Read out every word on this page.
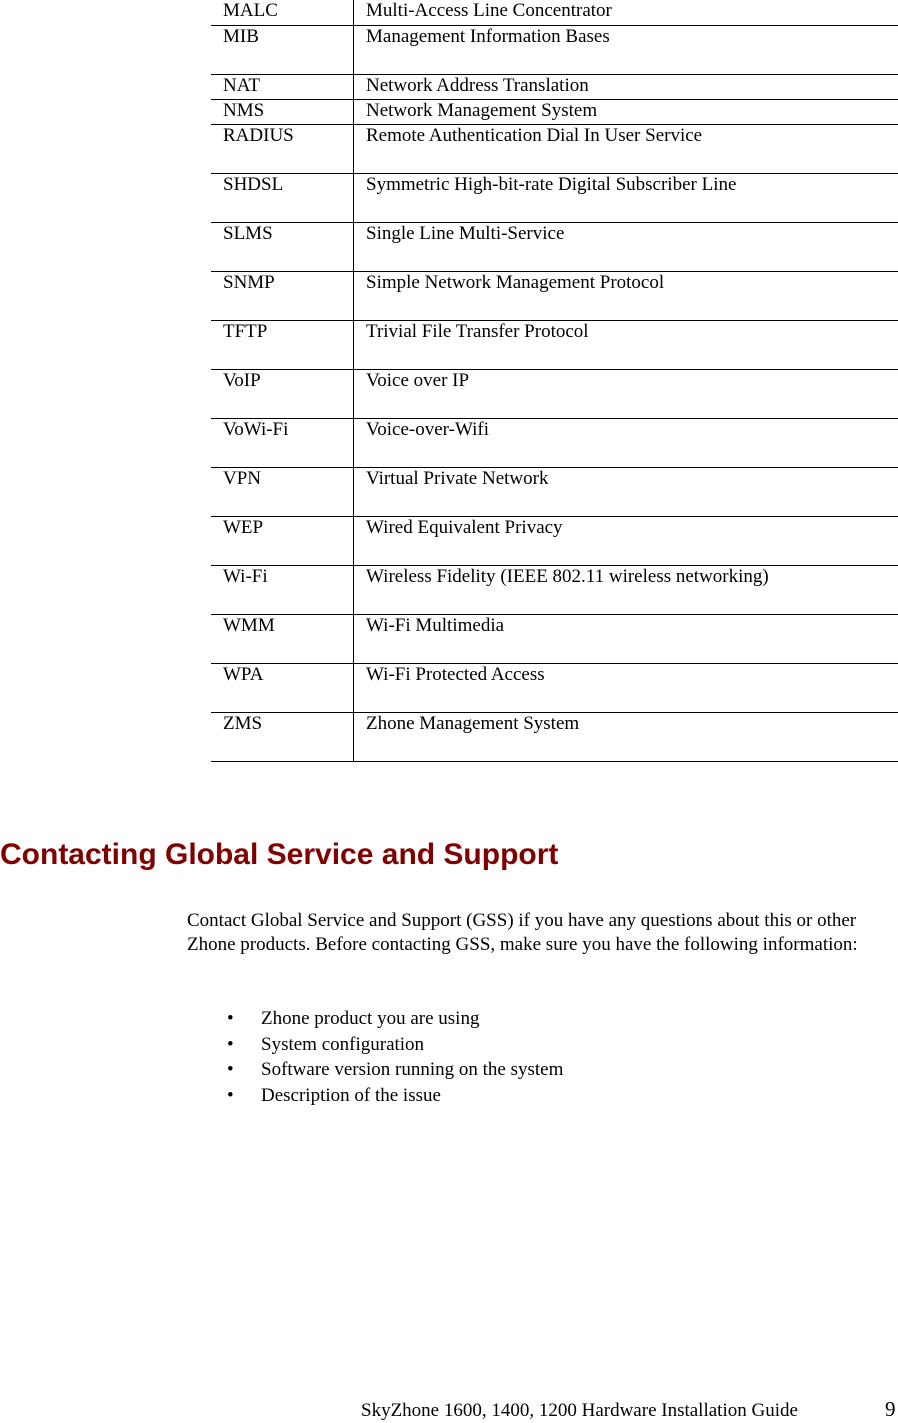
MALC	Multi-Access Line Concentrator
MIB	Management Information Bases
NAT	Network Address Translation
NMS	Network Management System
RADIUS	Remote Authentication Dial In User Service
SHDSL	Symmetric High-bit-rate Digital Subscriber Line
SLMS	Single Line Multi-Service
SNMP	Simple Network Management Protocol
TFTP	Trivial File Transfer Protocol
VoIP	Voice over IP
VoWi-Fi	Voice-over-Wifi
VPN	Virtual Private Network
WEP	Wired Equivalent Privacy
Wi-Fi	Wireless Fidelity (IEEE 802.11 wireless networking)
WMM	Wi-Fi Multimedia
WPA	Wi-Fi Protected Access
ZMS	Zhone Management System
Contacting Global Service and Support

Contact Global Service and Support (GSS) if you have any questions about this or other Zhone products. Before contacting GSS, make sure you have the following information:

•	Zhone product you are using
•	System configuration
•	Software version running on the system
•	Description of the issue
SkyZhone 1600, 1400, 1200 Hardware Installation Guide	9
